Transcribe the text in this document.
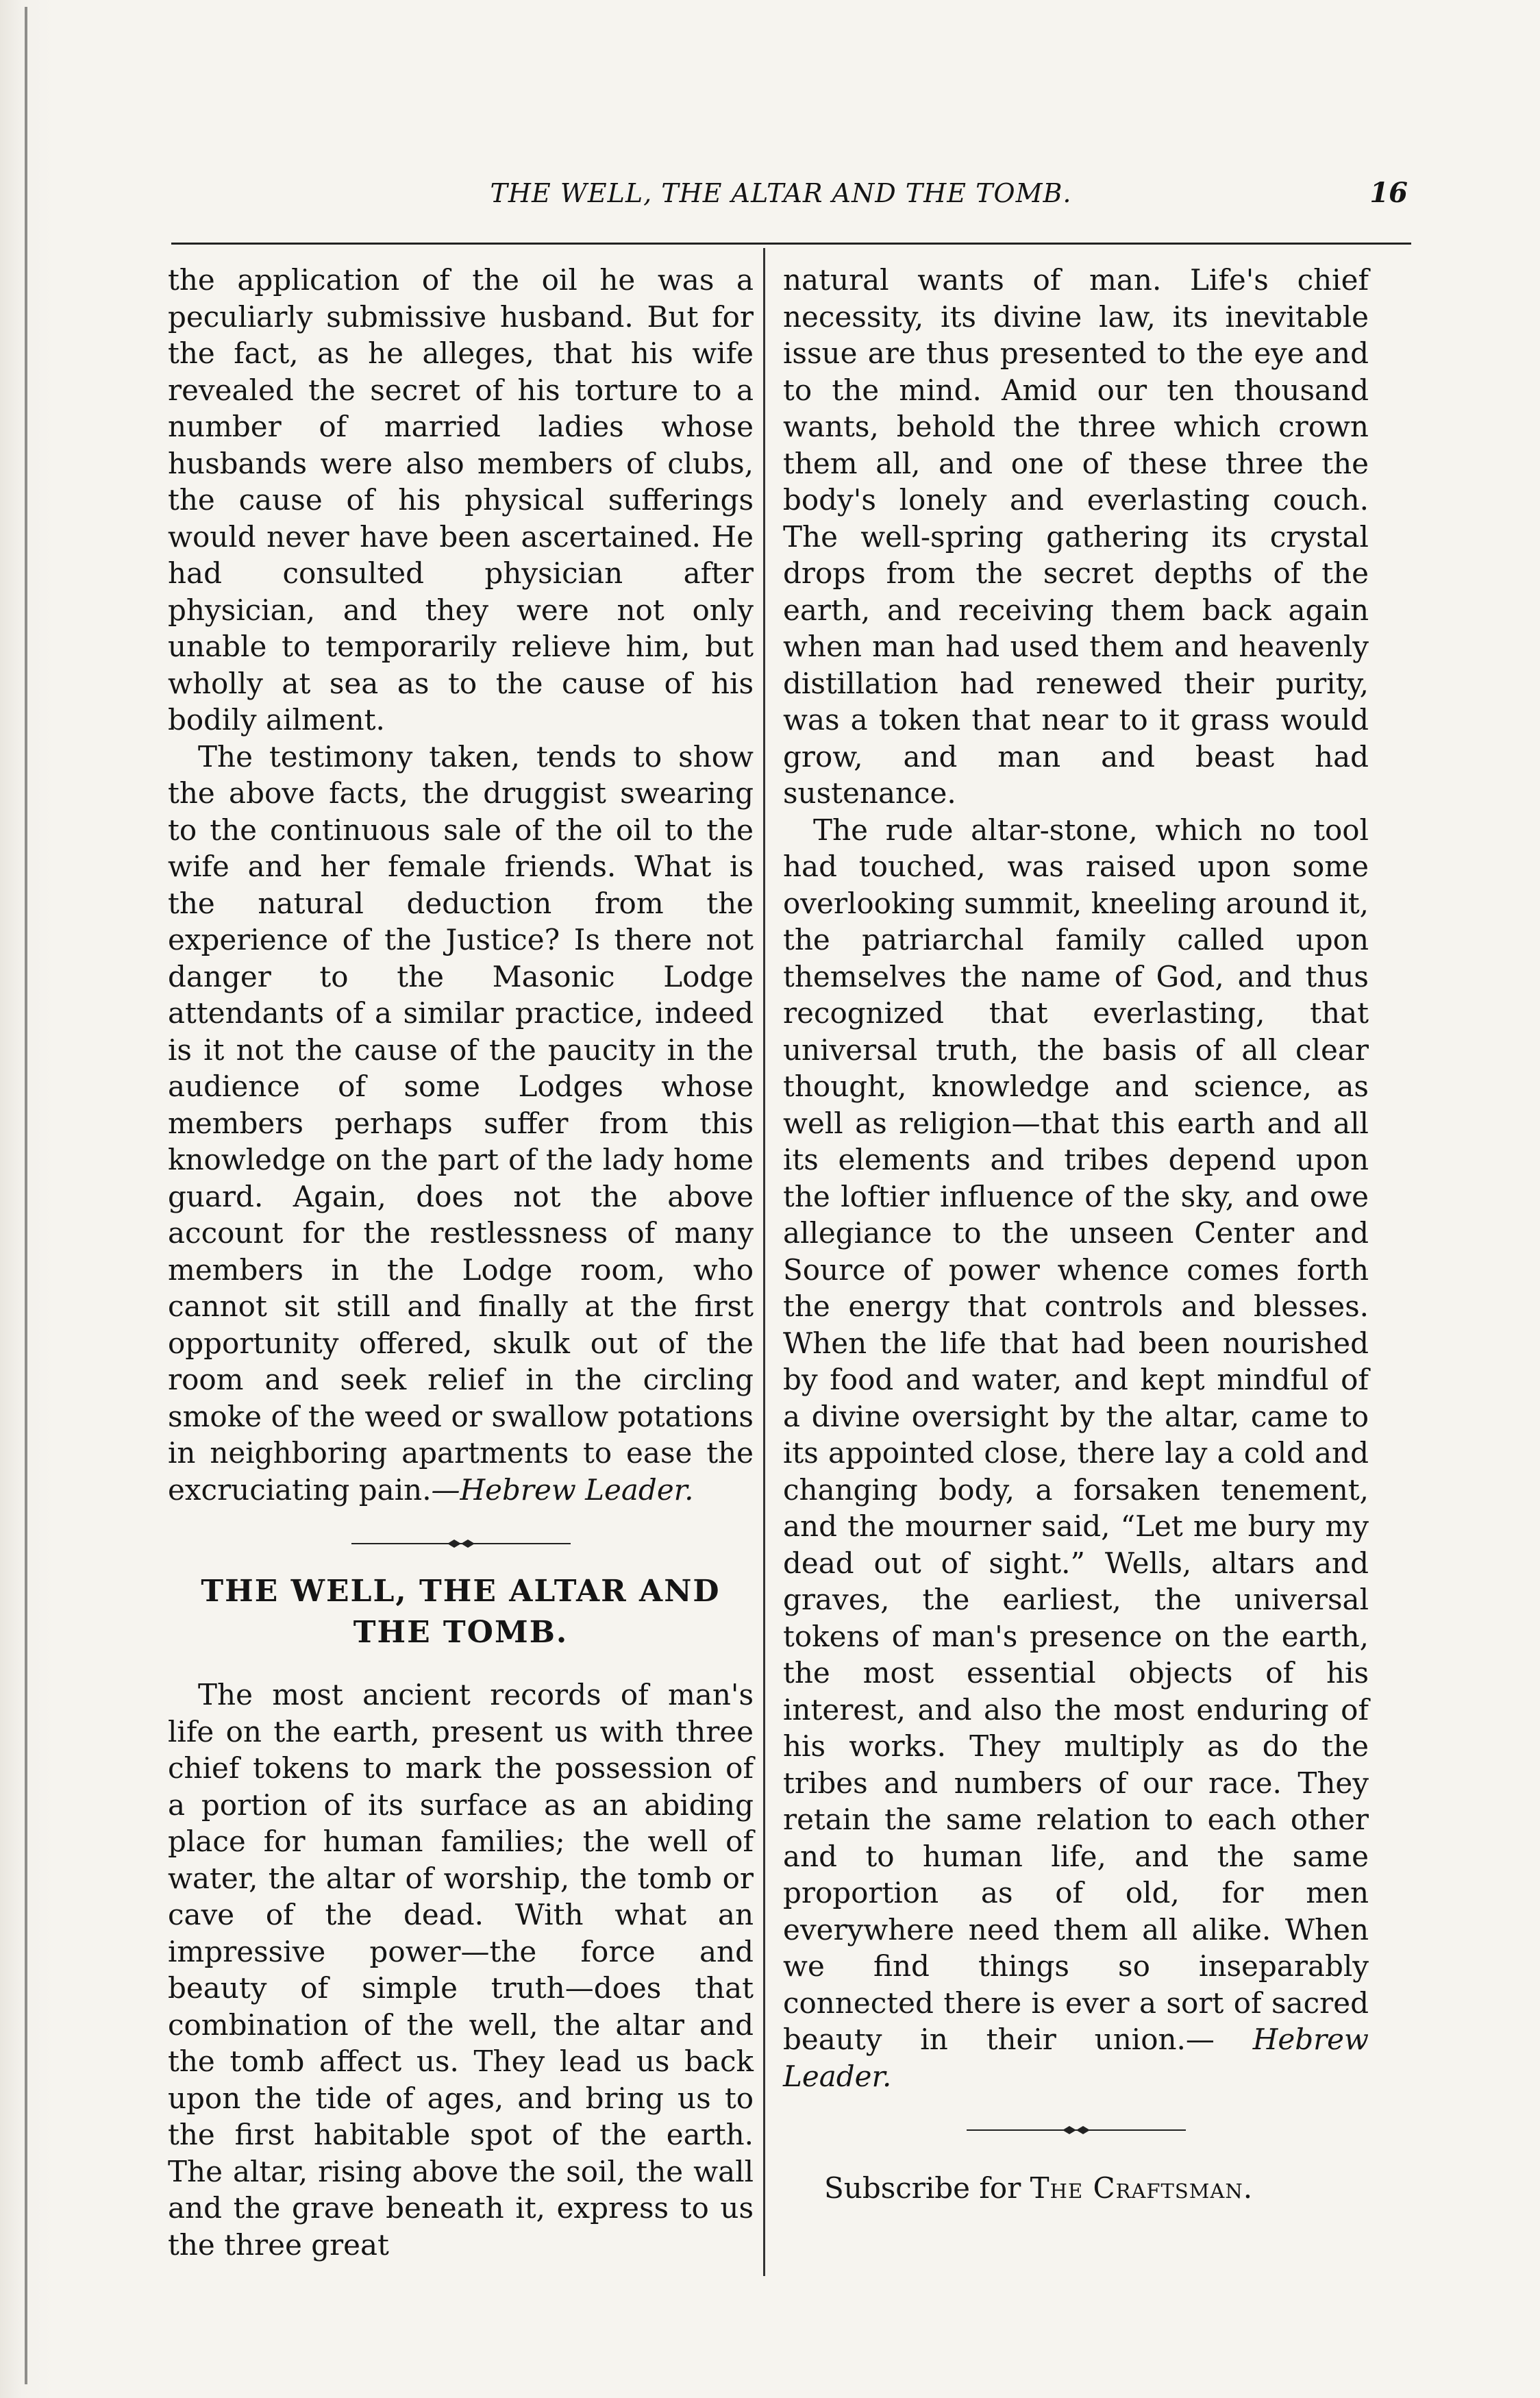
THE WELL, THE ALTAR AND THE TOMB.	16

the application of the oil he was a peculiarly submissive husband. But for the fact, as he alleges, that his wife revealed the secret of his torture to a number of married ladies whose husbands were also members of clubs, the cause of his physical sufferings would never have been ascertained. He had consulted physician after physician, and they were not only unable to temporarily relieve him, but wholly at sea as to the cause of his bodily ailment.

The testimony taken, tends to show the above facts, the druggist swearing to the continuous sale of the oil to the wife and her female friends. What is the natural deduction from the experience of the Justice? Is there not danger to the Masonic Lodge attendants of a similar practice, indeed is it not the cause of the paucity in the audience of some Lodges whose members perhaps suffer from this knowledge on the part of the lady home guard. Again, does not the above account for the restlessness of many members in the Lodge room, who cannot sit still and finally at the first opportunity offered, skulk out of the room and seek relief in the circling smoke of the weed or swallow potations in neighboring apartments to ease the excruciating pain.—Hebrew Leader.

THE WELL, THE ALTAR AND THE TOMB.

The most ancient records of man's life on the earth, present us with three chief tokens to mark the possession of a portion of its surface as an abiding place for human families; the well of water, the altar of worship, the tomb or cave of the dead. With what an impressive power—the force and beauty of simple truth—does that combination of the well, the altar and the tomb affect us. They lead us back upon the tide of ages, and bring us to the first habitable spot of the earth. The altar, rising above the soil, the wall and the grave beneath it, express to us the three great

natural wants of man. Life's chief necessity, its divine law, its inevitable issue are thus presented to the eye and to the mind. Amid our ten thousand wants, behold the three which crown them all, and one of these three the body's lonely and everlasting couch. The well-spring gathering its crystal drops from the secret depths of the earth, and receiving them back again when man had used them and heavenly distillation had renewed their purity, was a token that near to it grass would grow, and man and beast had sustenance.

The rude altar-stone, which no tool had touched, was raised upon some overlooking summit, kneeling around it, the patriarchal family called upon themselves the name of God, and thus recognized that everlasting, that universal truth, the basis of all clear thought, knowledge and science, as well as religion—that this earth and all its elements and tribes depend upon the loftier influence of the sky, and owe allegiance to the unseen Center and Source of power whence comes forth the energy that controls and blesses. When the life that had been nourished by food and water, and kept mindful of a divine oversight by the altar, came to its appointed close, there lay a cold and changing body, a forsaken tenement, and the mourner said, “Let me bury my dead out of sight.” Wells, altars and graves, the earliest, the universal tokens of man's presence on the earth, the most essential objects of his interest, and also the most enduring of his works. They multiply as do the tribes and numbers of our race. They retain the same relation to each other and to human life, and the same proportion as of old, for men everywhere need them all alike. When we find things so inseparably connected there is ever a sort of sacred beauty in their union.— Hebrew Leader.

Subscribe for The Craftsman.
